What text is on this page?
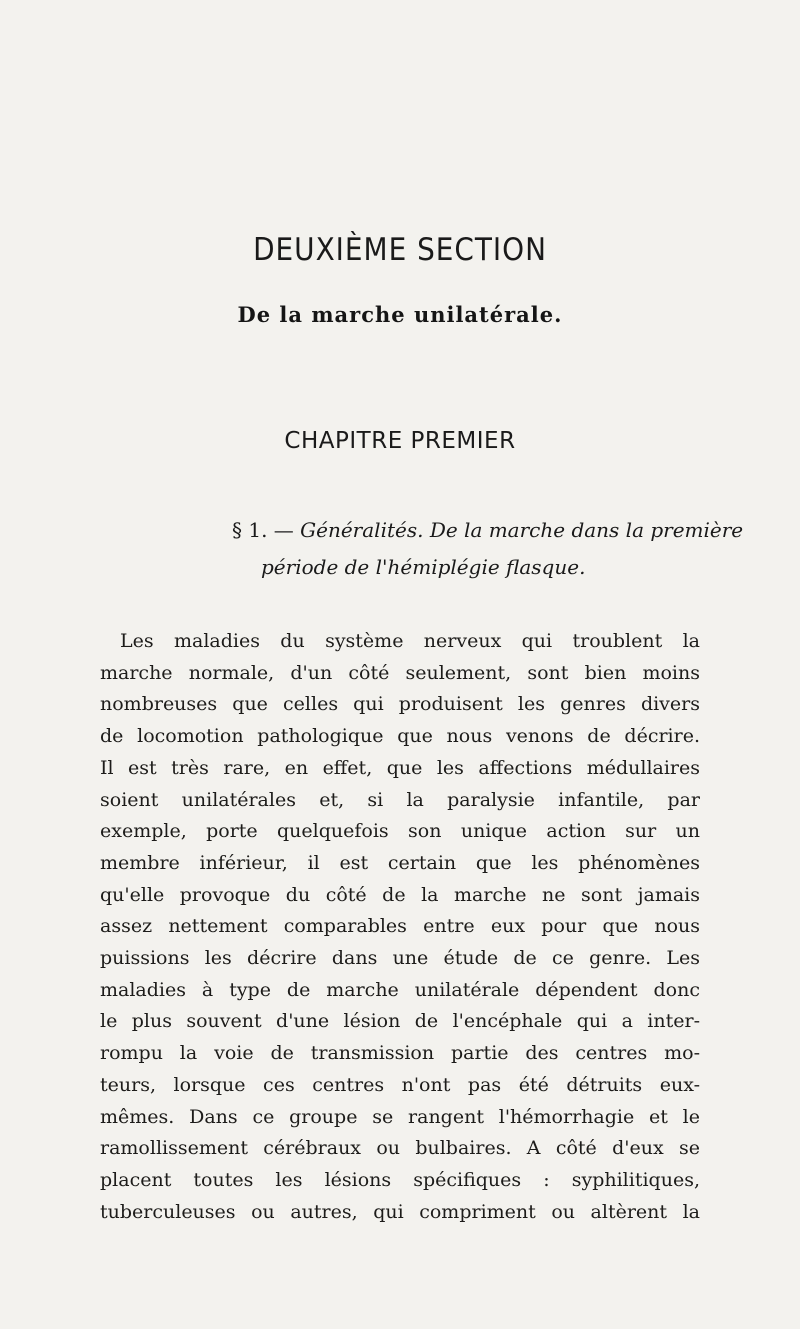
DEUXIÈME SECTION
De la marche unilatérale.
CHAPITRE PREMIER
§ 1. — Généralités. De la marche dans la première
période de l'hémiplégie flasque.
Les maladies du système nerveux qui troublent la
marche normale, d'un côté seulement, sont bien moins
nombreuses que celles qui produisent les genres divers
de locomotion pathologique que nous venons de décrire.
Il est très rare, en effet, que les affections médullaires
soient unilatérales et, si la paralysie infantile, par
exemple, porte quelquefois son unique action sur un
membre inférieur, il est certain que les phénomènes
qu'elle provoque du côté de la marche ne sont jamais
assez nettement comparables entre eux pour que nous
puissions les décrire dans une étude de ce genre. Les
maladies à type de marche unilatérale dépendent donc
le plus souvent d'une lésion de l'encéphale qui a inter-
rompu la voie de transmission partie des centres mo-
teurs, lorsque ces centres n'ont pas été détruits eux-
mêmes. Dans ce groupe se rangent l'hémorrhagie et le
ramollissement cérébraux ou bulbaires. A côté d'eux se
placent toutes les lésions spécifiques : syphilitiques,
tuberculeuses ou autres, qui compriment ou altèrent la
